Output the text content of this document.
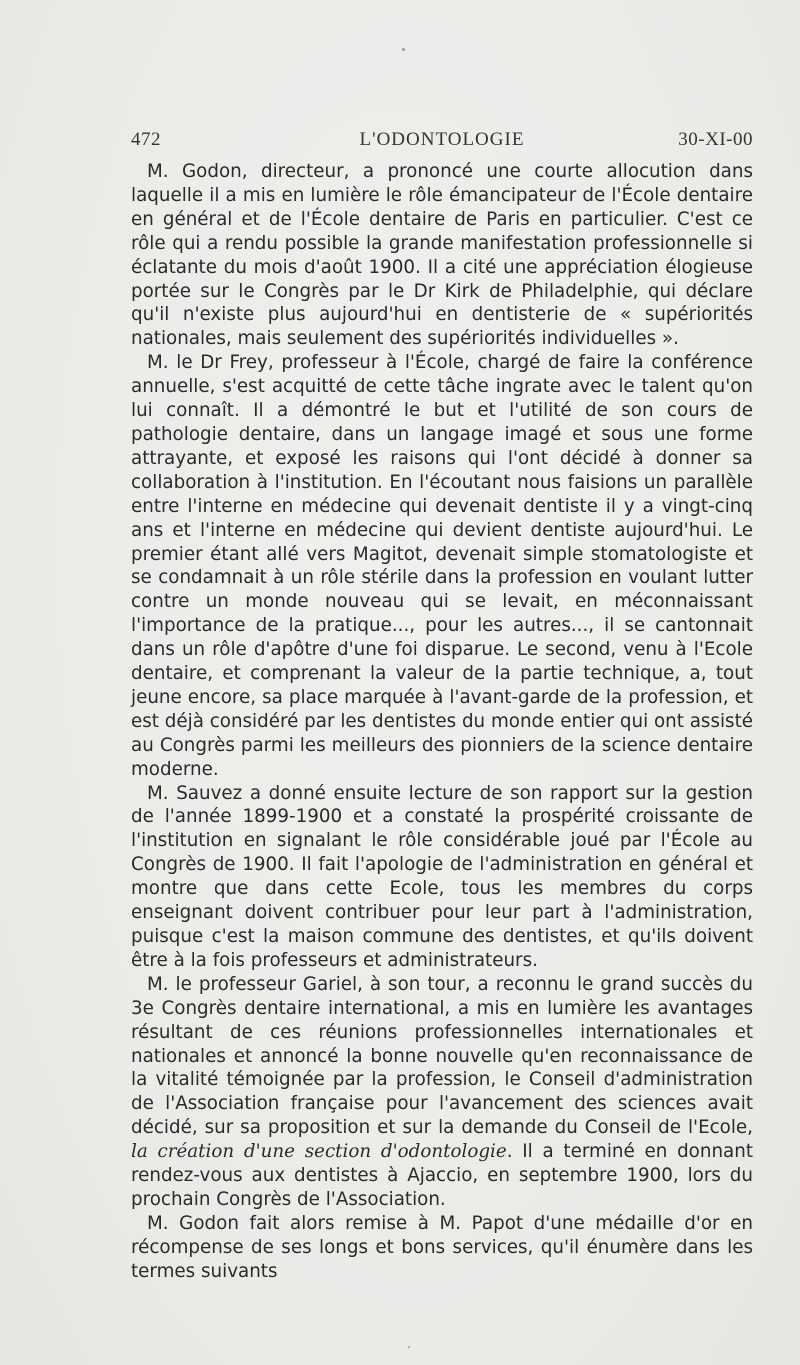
472	L'ODONTOLOGIE	30-XI-00

M. Godon, directeur, a prononcé une courte allocution dans laquelle il a mis en lumière le rôle émancipateur de l'École dentaire en général et de l'École dentaire de Paris en particulier. C'est ce rôle qui a rendu possible la grande manifestation professionnelle si éclatante du mois d'août 1900. Il a cité une appréciation élogieuse portée sur le Congrès par le Dr Kirk de Philadelphie, qui déclare qu'il n'existe plus aujourd'hui en dentisterie de « supériorités nationales, mais seulement des supériorités individuelles ».

M. le Dr Frey, professeur à l'École, chargé de faire la conférence annuelle, s'est acquitté de cette tâche ingrate avec le talent qu'on lui connaît. Il a démontré le but et l'utilité de son cours de pathologie dentaire, dans un langage imagé et sous une forme attrayante, et exposé les raisons qui l'ont décidé à donner sa collaboration à l'institution. En l'écoutant nous faisions un parallèle entre l'interne en médecine qui devenait dentiste il y a vingt-cinq ans et l'interne en médecine qui devient dentiste aujourd'hui. Le premier étant allé vers Magitot, devenait simple stomatologiste et se condamnait à un rôle stérile dans la profession en voulant lutter contre un monde nouveau qui se levait, en méconnaissant l'importance de la pratique..., pour les autres..., il se cantonnait dans un rôle d'apôtre d'une foi disparue. Le second, venu à l'Ecole dentaire, et comprenant la valeur de la partie technique, a, tout jeune encore, sa place marquée à l'avant-garde de la profession, et est déjà considéré par les dentistes du monde entier qui ont assisté au Congrès parmi les meilleurs des pionniers de la science dentaire moderne.

M. Sauvez a donné ensuite lecture de son rapport sur la gestion de l'année 1899-1900 et a constaté la prospérité croissante de l'institution en signalant le rôle considérable joué par l'École au Congrès de 1900. Il fait l'apologie de l'administration en général et montre que dans cette Ecole, tous les membres du corps enseignant doivent contribuer pour leur part à l'administration, puisque c'est la maison commune des dentistes, et qu'ils doivent être à la fois professeurs et administrateurs.

M. le professeur Gariel, à son tour, a reconnu le grand succès du 3e Congrès dentaire international, a mis en lumière les avantages résultant de ces réunions professionnelles internationales et nationales et annoncé la bonne nouvelle qu'en reconnaissance de la vitalité témoignée par la profession, le Conseil d'administration de l'Association française pour l'avancement des sciences avait décidé, sur sa proposition et sur la demande du Conseil de l'Ecole, la création d'une section d'odontologie. Il a terminé en donnant rendez-vous aux dentistes à Ajaccio, en septembre 1900, lors du prochain Congrès de l'Association.

M. Godon fait alors remise à M. Papot d'une médaille d'or en récompense de ses longs et bons services, qu'il énumère dans les termes suivants
